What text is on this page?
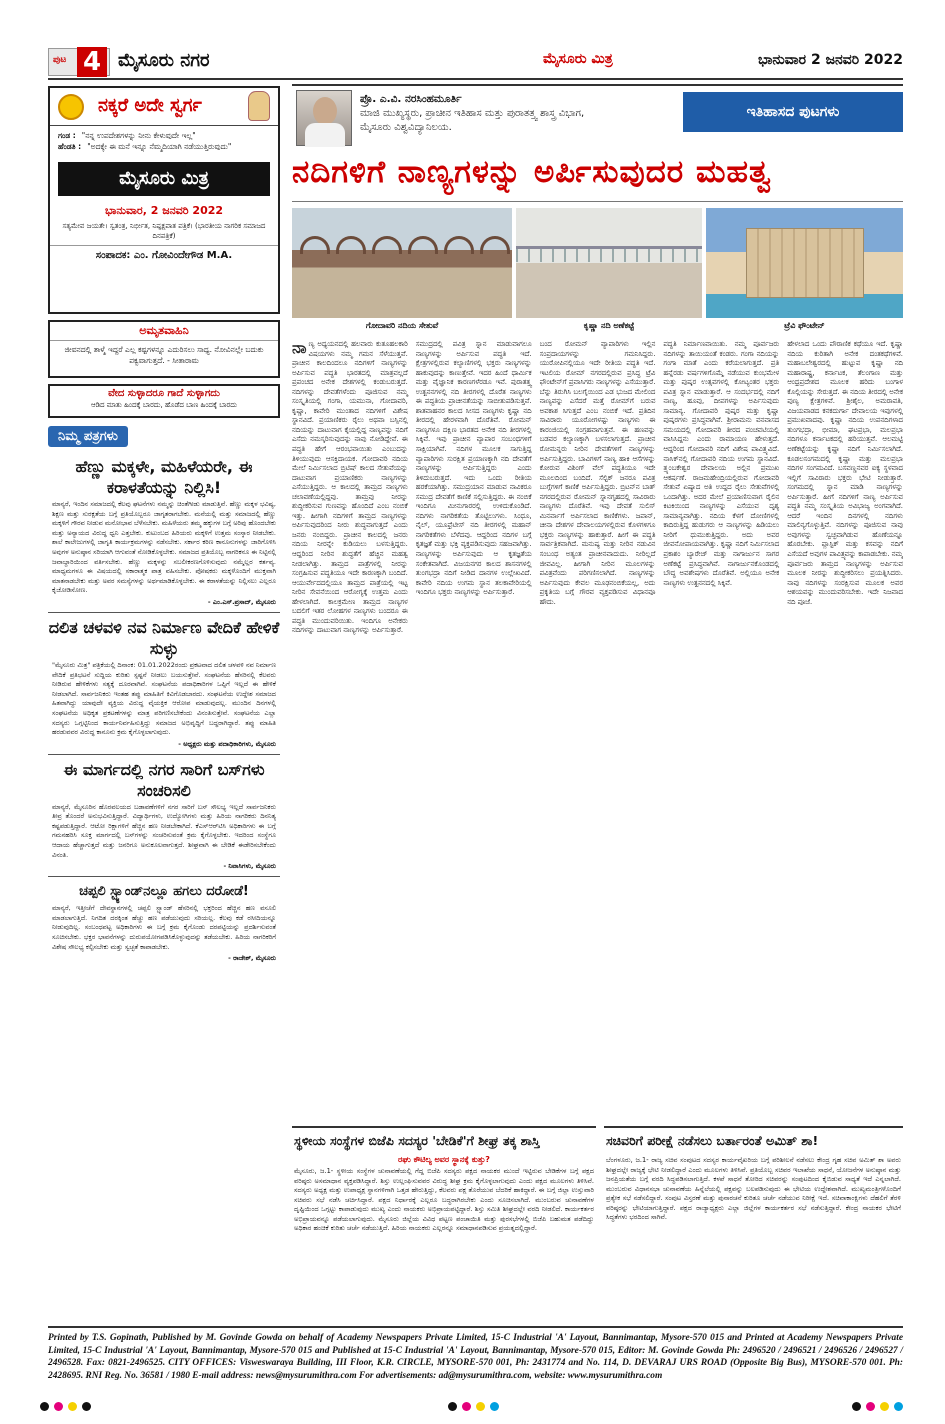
ಪುಟ 4 ಮೈಸೂರು ನಗರ	ಮೈಸೂರು ಮಿತ್ರ	ಭಾನುವಾರ 2 ಜನವರಿ 2022
ನಕ್ಕರೆ ಅದೇ ಸ್ವರ್ಗ
ಗಂಡ : "ನನ್ನ ಉಪದೇಶಗಳನ್ನು ನೀನು ಕೇಳುವುದೇ ಇಲ್ಲ"
ಹೆಂಡತಿ : "ಅದಕ್ಕೇ ಈ ಮನೆ ಇನ್ನೂ ನೆಮ್ಮದಿಯಾಗಿ ನಡೆಯುತ್ತಿರುವುದು"
ಮೈಸೂರು ಮಿತ್ರ
ಭಾನುವಾರ, 2 ಜನವರಿ 2022
ಸತ್ಯಮೇವ ಜಯತೇ। ಸ್ವತಂತ್ರ, ನಿರ್ಭೀತ, ನಿಷ್ಪಕ್ಷಪಾತ ಪತ್ರಿಕೆ। (ಭಾರತೀಯ ನಾಗರಿಕ ಸಮಾಜದ ದಿನಪತ್ರಿಕೆ)
ಸಂಪಾದಕ: ಎಂ. ಗೋವಿಂದೇಗೌಡ M.A.
ಅಮೃತವಾಹಿನಿ
ಜೀವನದಲ್ಲಿ ತಾಳ್ಮೆ ಇದ್ದರೆ ಎಲ್ಲ ಕಷ್ಟಗಳನ್ನೂ ಎದುರಿಸಲು ಸಾಧ್ಯ. ನೋವಿನಲ್ಲೇ ಬದುಕು ಪಕ್ವವಾಗುತ್ತದೆ. - ಸೀತಾರಾಮ
ವೇದ ಸುಳ್ಳಾದರೂ ಗಾದೆ ಸುಳ್ಳಾಗದು
ಆಡಿದ ಮಾತು ಹಿಂದಕ್ಕೆ ಬಾರದು, ಹೊಡೆದ ಬಾಣ ಹಿಂದಕ್ಕೆ ಬಾರದು
ನಿಮ್ಮ ಪತ್ರಗಳು
ಹೆಣ್ಣು ಮಕ್ಕಳೇ, ಮಹಿಳೆಯರೇ, ಈ ಕರಾಳತೆಯನ್ನು ನಿಲ್ಲಿಸಿ!
ಮಾನ್ಯರೆ, ಇಂದಿನ ಸಮಾಜದಲ್ಲಿ ಕೆಲವು ಘಟನೆಗಳು ನಮ್ಮನ್ನು ಚಿಂತೆಗೀಡು ಮಾಡುತ್ತಿವೆ. ಹೆಣ್ಣು ಮಕ್ಕಳ ಭವಿಷ್ಯ, ಶಿಕ್ಷಣ ಮತ್ತು ಸುರಕ್ಷತೆಯ ಬಗ್ಗೆ ಪ್ರತಿಯೊಬ್ಬರೂ ಜಾಗೃತರಾಗಬೇಕು. ಮನೆಯಲ್ಲಿ ಮತ್ತು ಸಮಾಜದಲ್ಲಿ ಹೆಣ್ಣು ಮಕ್ಕಳಿಗೆ ಗೌರವ ನೀಡುವ ಮನೋಭಾವ ಬೆಳೆಸಬೇಕು. ಮಹಿಳೆಯರು ತಮ್ಮ ಹಕ್ಕುಗಳ ಬಗ್ಗೆ ಅರಿವು ಹೊಂದಬೇಕು ಮತ್ತು ಅನ್ಯಾಯದ ವಿರುದ್ಧ ಧ್ವನಿ ಎತ್ತಬೇಕು. ಕುಟುಂಬದ ಹಿರಿಯರು ಮಕ್ಕಳಿಗೆ ಉತ್ತಮ ಸಂಸ್ಕಾರ ನೀಡಬೇಕು. ಶಾಲೆ ಕಾಲೇಜುಗಳಲ್ಲಿ ಜಾಗೃತಿ ಕಾರ್ಯಕ್ರಮಗಳನ್ನು ನಡೆಸಬೇಕು. ಸರ್ಕಾರ ಕಠಿಣ ಕಾನೂನುಗಳನ್ನು ಜಾರಿಗೊಳಿಸಿ ಅವುಗಳ ಅನುಷ್ಠಾನ ಸರಿಯಾಗಿ ಆಗುವಂತೆ ನೋಡಿಕೊಳ್ಳಬೇಕು. ಸಮಾಜದ ಪ್ರತಿಯೊಬ್ಬ ನಾಗರಿಕನೂ ಈ ನಿಟ್ಟಿನಲ್ಲಿ ಜವಾಬ್ದಾರಿಯಿಂದ ವರ್ತಿಸಬೇಕು. ಹೆಣ್ಣು ಮಕ್ಕಳನ್ನು ಸಬಲೀಕರಣಗೊಳಿಸುವುದು ನಮ್ಮೆಲ್ಲರ ಕರ್ತವ್ಯ. ಮಾಧ್ಯಮಗಳೂ ಈ ವಿಷಯದಲ್ಲಿ ಸಕಾರಾತ್ಮಕ ಪಾತ್ರ ವಹಿಸಬೇಕು. ಪೋಷಕರು ಮಕ್ಕಳೊಂದಿಗೆ ಮುಕ್ತವಾಗಿ ಮಾತನಾಡಬೇಕು ಮತ್ತು ಅವರ ಸಮಸ್ಯೆಗಳನ್ನು ಅರ್ಥಮಾಡಿಕೊಳ್ಳಬೇಕು. ಈ ಕರಾಳತೆಯನ್ನು ನಿಲ್ಲಿಸಲು ಎಲ್ಲರೂ ಕೈಜೋಡಿಸೋಣ.
- ಎಂ.ಎಸ್.ಪ್ರಸಾದ್, ಮೈಸೂರು
ದಲಿತ ಚಳವಳಿ ನವ ನಿರ್ಮಾಣ ವೇದಿಕೆ ಹೇಳಿಕೆ ಸುಳ್ಳು
"ಮೈಸೂರು ಮಿತ್ರ" ಪತ್ರಿಕೆಯಲ್ಲಿ ದಿನಾಂಕ: 01.01.2022ರಂದು ಪ್ರಕಟವಾದ ದಲಿತ ಚಳವಳಿ ನವ ನಿರ್ಮಾಣ ವೇದಿಕೆ ಪ್ರತಿಭಟನೆ ಸುದ್ದಿಯ ಕುರಿತು ಸ್ಪಷ್ಟನೆ ನೀಡಲು ಬಯಸುತ್ತೇವೆ. ಸಂಘಟನೆಯ ಹೆಸರಿನಲ್ಲಿ ಕೆಲವರು ನೀಡಿರುವ ಹೇಳಿಕೆಗಳು ಸತ್ಯಕ್ಕೆ ದೂರವಾಗಿವೆ. ಸಂಘಟನೆಯ ಪದಾಧಿಕಾರಿಗಳ ಒಪ್ಪಿಗೆ ಇಲ್ಲದೆ ಈ ಹೇಳಿಕೆ ನೀಡಲಾಗಿದೆ. ಸಾರ್ವಜನಿಕರು ಇಂತಹ ತಪ್ಪು ಮಾಹಿತಿಗೆ ಕಿವಿಗೊಡಬಾರದು. ಸಂಘಟನೆಯ ಉದ್ದೇಶ ಸಮಾಜದ ಹಿತವಾಗಿದ್ದು ಯಾವುದೇ ವ್ಯಕ್ತಿಯ ವಿರುದ್ಧ ವೈಯಕ್ತಿಕ ಆರೋಪ ಮಾಡುವುದಲ್ಲ. ಮುಂದಿನ ದಿನಗಳಲ್ಲಿ ಸಂಘಟನೆಯ ಅಧಿಕೃತ ಪ್ರಕಟಣೆಗಳನ್ನು ಮಾತ್ರ ಪರಿಗಣಿಸಬೇಕೆಂದು ವಿನಂತಿಸುತ್ತೇವೆ. ಸಂಘಟನೆಯ ಎಲ್ಲಾ ಸದಸ್ಯರು ಒಗ್ಗಟ್ಟಿನಿಂದ ಕಾರ್ಯನಿರ್ವಹಿಸುತ್ತಿದ್ದು ಸಮಾಜದ ಅಭಿವೃದ್ಧಿಗೆ ಬದ್ಧರಾಗಿದ್ದಾರೆ. ತಪ್ಪು ಮಾಹಿತಿ ಹರಡುವವರ ವಿರುದ್ಧ ಕಾನೂನು ಕ್ರಮ ಕೈಗೊಳ್ಳಲಾಗುವುದು.
- ಅಧ್ಯಕ್ಷರು ಮತ್ತು ಪದಾಧಿಕಾರಿಗಳು, ಮೈಸೂರು
ಈ ಮಾರ್ಗದಲ್ಲಿ ನಗರ ಸಾರಿಗೆ ಬಸ್‌ಗಳು ಸಂಚರಿಸಲಿ
ಮಾನ್ಯರೆ, ಮೈಸೂರಿನ ಹೊರವಲಯದ ಬಡಾವಣೆಗಳಿಗೆ ನಗರ ಸಾರಿಗೆ ಬಸ್ ಸೌಲಭ್ಯ ಇಲ್ಲದೆ ಸಾರ್ವಜನಿಕರು ತೀವ್ರ ತೊಂದರೆ ಅನುಭವಿಸುತ್ತಿದ್ದಾರೆ. ವಿದ್ಯಾರ್ಥಿಗಳು, ಉದ್ಯೋಗಿಗಳು ಮತ್ತು ಹಿರಿಯ ನಾಗರಿಕರು ದಿನನಿತ್ಯ ಕಷ್ಟಪಡುತ್ತಿದ್ದಾರೆ. ಆಟೋ ರಿಕ್ಷಾಗಳಿಗೆ ಹೆಚ್ಚಿನ ಹಣ ನೀಡಬೇಕಾಗಿದೆ. ಕೆಎಸ್ಆರ್‌ಟಿಸಿ ಅಧಿಕಾರಿಗಳು ಈ ಬಗ್ಗೆ ಗಮನಹರಿಸಿ ಸೂಕ್ತ ಮಾರ್ಗದಲ್ಲಿ ಬಸ್‌ಗಳನ್ನು ಸಂಚರಿಸುವಂತೆ ಕ್ರಮ ಕೈಗೊಳ್ಳಬೇಕು. ಇದರಿಂದ ಸಂಸ್ಥೆಗೂ ಆದಾಯ ಹೆಚ್ಚಾಗುತ್ತದೆ ಮತ್ತು ಜನರಿಗೂ ಅನುಕೂಲವಾಗುತ್ತದೆ. ಶೀಘ್ರವಾಗಿ ಈ ಬೇಡಿಕೆ ಈಡೇರಿಸಬೇಕೆಂದು ವಿನಂತಿ.
- ನಿವಾಸಿಗಳು, ಮೈಸೂರು
ಚಪ್ಪಲಿ ಸ್ಟ್ಯಾಂಡ್‌ನಲ್ಲೂ ಹಗಲು ದರೋಡೆ!
ಮಾನ್ಯರೆ, ಇತ್ತೀಚೆಗೆ ದೇವಸ್ಥಾನಗಳಲ್ಲಿ ಚಪ್ಪಲಿ ಸ್ಟ್ಯಾಂಡ್ ಹೆಸರಿನಲ್ಲಿ ಭಕ್ತರಿಂದ ಹೆಚ್ಚಿನ ಹಣ ವಸೂಲಿ ಮಾಡಲಾಗುತ್ತಿದೆ. ನಿಗದಿತ ದರಕ್ಕಿಂತ ಹೆಚ್ಚು ಹಣ ಪಡೆಯುವುದು ಸರಿಯಲ್ಲ. ಕೆಲವು ಕಡೆ ರಸೀದಿಯನ್ನೂ ನೀಡುವುದಿಲ್ಲ. ಸಂಬಂಧಪಟ್ಟ ಅಧಿಕಾರಿಗಳು ಈ ಬಗ್ಗೆ ಕ್ರಮ ಕೈಗೊಂಡು ದರಪಟ್ಟಿಯನ್ನು ಪ್ರದರ್ಶಿಸುವಂತೆ ಸೂಚಿಸಬೇಕು. ಭಕ್ತರ ಭಾವನೆಗಳನ್ನು ದುರುಪಯೋಗಪಡಿಸಿಕೊಳ್ಳುವುದನ್ನು ತಡೆಯಬೇಕು. ಹಿರಿಯ ನಾಗರಿಕರಿಗೆ ವಿಶೇಷ ಸೌಲಭ್ಯ ಕಲ್ಪಿಸಬೇಕು ಮತ್ತು ಸ್ವಚ್ಛತೆ ಕಾಪಾಡಬೇಕು.
- ರಾಜೇಶ್, ಮೈಸೂರು
ಪ್ರೊ. ಎ.ವಿ. ನರಸಿಂಹಮೂರ್ತಿ
ಮಾಜಿ ಮುಖ್ಯಸ್ಥರು, ಪ್ರಾಚೀನ ಇತಿಹಾಸ ಮತ್ತು ಪುರಾತತ್ತ್ವ ಶಾಸ್ತ್ರ ವಿಭಾಗ,
ಮೈಸೂರು ವಿಶ್ವವಿದ್ಯಾನಿಲಯ.
ಇತಿಹಾಸದ ಪುಟಗಳು
ನದಿಗಳಿಗೆ ನಾಣ್ಯಗಳನ್ನು ಅರ್ಪಿಸುವುದರ ಮಹತ್ವ
ಗೋದಾವರಿ ನದಿಯ ಸೇತುವೆ	ಕೃಷ್ಣಾ ನದಿ ಅಣೆಕಟ್ಟೆ	ಟ್ರೆವಿ ಫೌಂಟೇನ್
ನಾಣ್ಯ ಅಧ್ಯಯನದಲ್ಲಿ ಹಲವಾರು ಕುತೂಹಲಕಾರಿ ವಿಷಯಗಳು ನಮ್ಮ ಗಮನ ಸೆಳೆಯುತ್ತವೆ. ಪ್ರಾಚೀನ ಕಾಲದಿಂದಲೂ ನದಿಗಳಿಗೆ ನಾಣ್ಯಗಳನ್ನು ಅರ್ಪಿಸುವ ಪದ್ಧತಿ ಭಾರತದಲ್ಲಿ ಮಾತ್ರವಲ್ಲದೆ ಪ್ರಪಂಚದ ಅನೇಕ ದೇಶಗಳಲ್ಲಿ ಕಂಡುಬರುತ್ತದೆ. ನದಿಗಳನ್ನು ದೇವತೆಗಳೆಂದು ಪೂಜಿಸುವ ನಮ್ಮ ಸಂಸ್ಕೃತಿಯಲ್ಲಿ ಗಂಗಾ, ಯಮುನಾ, ಗೋದಾವರಿ, ಕೃಷ್ಣಾ, ಕಾವೇರಿ ಮುಂತಾದ ನದಿಗಳಿಗೆ ವಿಶೇಷ ಸ್ಥಾನವಿದೆ. ಪ್ರಯಾಣಿಕರು ರೈಲು ಅಥವಾ ಬಸ್ಸಿನಲ್ಲಿ ನದಿಯನ್ನು ದಾಟುವಾಗ ಕೈಯಲ್ಲಿದ್ದ ನಾಣ್ಯವನ್ನು ನದಿಗೆ ಎಸೆದು ನಮಸ್ಕರಿಸುವುದನ್ನು ನಾವು ನೋಡಿದ್ದೇವೆ. ಈ ಪದ್ಧತಿ ಹೇಗೆ ಆರಂಭವಾಯಿತು ಎಂಬುದನ್ನು ತಿಳಿಯುವುದು ಆಸಕ್ತಿದಾಯಕ. ಗೋದಾವರಿ ನದಿಯ ಮೇಲೆ ನಿರ್ಮಿಸಲಾದ ಬ್ರಿಟಿಷ್ ಕಾಲದ ಸೇತುವೆಯನ್ನು ದಾಟುವಾಗ ಪ್ರಯಾಣಿಕರು ನಾಣ್ಯಗಳನ್ನು ಎಸೆಯುತ್ತಿದ್ದರು. ಆ ಕಾಲದಲ್ಲಿ ತಾಮ್ರದ ನಾಣ್ಯಗಳು ಚಲಾವಣೆಯಲ್ಲಿದ್ದವು. ತಾಮ್ರವು ನೀರನ್ನು ಶುದ್ಧೀಕರಿಸುವ ಗುಣವನ್ನು ಹೊಂದಿದೆ ಎಂಬ ನಂಬಿಕೆ ಇತ್ತು. ಹೀಗಾಗಿ ನದಿಗಳಿಗೆ ತಾಮ್ರದ ನಾಣ್ಯಗಳನ್ನು ಅರ್ಪಿಸುವುದರಿಂದ ನೀರು ಶುದ್ಧವಾಗುತ್ತದೆ ಎಂದು ಜನರು ನಂಬಿದ್ದರು. ಪ್ರಾಚೀನ ಕಾಲದಲ್ಲಿ ಜನರು ನದಿಯ ನೀರನ್ನೇ ಕುಡಿಯಲು ಬಳಸುತ್ತಿದ್ದರು. ಆದ್ದರಿಂದ ನೀರಿನ ಶುದ್ಧತೆಗೆ ಹೆಚ್ಚಿನ ಮಹತ್ವ ನೀಡಲಾಗಿತ್ತು. ತಾಮ್ರದ ಪಾತ್ರೆಗಳಲ್ಲಿ ನೀರನ್ನು ಸಂಗ್ರಹಿಸುವ ಪದ್ಧತಿಯೂ ಇದೇ ಕಾರಣಕ್ಕಾಗಿ ಬಂದಿದೆ. ಆಯುರ್ವೇದದಲ್ಲಿಯೂ ತಾಮ್ರದ ಪಾತ್ರೆಯಲ್ಲಿ ಇಟ್ಟ ನೀರಿನ ಸೇವನೆಯಿಂದ ಆರೋಗ್ಯಕ್ಕೆ ಉತ್ತಮ ಎಂದು ಹೇಳಲಾಗಿದೆ. ಕಾಲಕ್ರಮೇಣ ತಾಮ್ರದ ನಾಣ್ಯಗಳ ಬದಲಿಗೆ ಇತರ ಲೋಹಗಳ ನಾಣ್ಯಗಳು ಬಂದರೂ ಈ ಪದ್ಧತಿ ಮುಂದುವರಿಯಿತು. ಇಂದಿಗೂ ಅನೇಕರು ನದಿಗಳನ್ನು ದಾಟುವಾಗ ನಾಣ್ಯಗಳನ್ನು ಅರ್ಪಿಸುತ್ತಾರೆ.
ಸಮುದ್ರದಲ್ಲಿ ಪವಿತ್ರ ಸ್ನಾನ ಮಾಡುವಾಗಲೂ ನಾಣ್ಯಗಳನ್ನು ಅರ್ಪಿಸುವ ಪದ್ಧತಿ ಇದೆ. ಕ್ಷೇತ್ರಗಳಲ್ಲಿರುವ ಕಲ್ಯಾಣಿಗಳಲ್ಲಿ ಭಕ್ತರು ನಾಣ್ಯಗಳನ್ನು ಹಾಕುವುದನ್ನು ಕಾಣುತ್ತೇವೆ. ಇದರ ಹಿಂದೆ ಧಾರ್ಮಿಕ ಮತ್ತು ವೈಜ್ಞಾನಿಕ ಕಾರಣಗಳೆರಡೂ ಇವೆ. ಪುರಾತತ್ತ್ವ ಉತ್ಖನನಗಳಲ್ಲಿ ನದಿ ತೀರಗಳಲ್ಲಿ ದೊರೆತ ನಾಣ್ಯಗಳು ಈ ಪದ್ಧತಿಯ ಪ್ರಾಚೀನತೆಯನ್ನು ಸಾಬೀತುಪಡಿಸುತ್ತವೆ. ಶಾತವಾಹನರ ಕಾಲದ ಸೀಸದ ನಾಣ್ಯಗಳು ಕೃಷ್ಣಾ ನದಿ ತೀರದಲ್ಲಿ ಹೇರಳವಾಗಿ ದೊರೆತಿವೆ. ರೋಮನ್ ನಾಣ್ಯಗಳೂ ದಕ್ಷಿಣ ಭಾರತದ ಅನೇಕ ನದಿ ತೀರಗಳಲ್ಲಿ ಸಿಕ್ಕಿವೆ. ಇವು ಪ್ರಾಚೀನ ವ್ಯಾಪಾರ ಸಂಬಂಧಗಳಿಗೆ ಸಾಕ್ಷಿಯಾಗಿವೆ. ನದಿಗಳ ಮೂಲಕ ಸಾಗುತ್ತಿದ್ದ ವ್ಯಾಪಾರಿಗಳು ಸುರಕ್ಷಿತ ಪ್ರಯಾಣಕ್ಕಾಗಿ ನದಿ ದೇವತೆಗೆ ನಾಣ್ಯಗಳನ್ನು ಅರ್ಪಿಸುತ್ತಿದ್ದರು ಎಂದು ತಿಳಿದುಬರುತ್ತದೆ. ಇದು ಒಂದು ರೀತಿಯ ಹರಕೆಯಾಗಿತ್ತು. ಸಮುದ್ರಯಾನ ಮಾಡುವ ನಾವಿಕರೂ ಸಮುದ್ರ ದೇವತೆಗೆ ಕಾಣಿಕೆ ಸಲ್ಲಿಸುತ್ತಿದ್ದರು. ಈ ನಂಬಿಕೆ ಇಂದಿಗೂ ಮೀನುಗಾರರಲ್ಲಿ ಉಳಿದುಕೊಂಡಿದೆ. ನದಿಗಳು ನಾಗರಿಕತೆಯ ತೊಟ್ಟಿಲುಗಳು. ಸಿಂಧೂ, ನೈಲ್, ಯೂಫ್ರೆಟೀಸ್ ನದಿ ತೀರಗಳಲ್ಲಿ ಮಹಾನ್ ನಾಗರಿಕತೆಗಳು ಬೆಳೆದವು. ಆದ್ದರಿಂದ ನದಿಗಳ ಬಗ್ಗೆ ಕೃತಜ್ಞತೆ ಮತ್ತು ಭಕ್ತಿ ವ್ಯಕ್ತಪಡಿಸುವುದು ಸಹಜವಾಗಿತ್ತು. ನಾಣ್ಯಗಳನ್ನು ಅರ್ಪಿಸುವುದು ಆ ಕೃತಜ್ಞತೆಯ ಸಂಕೇತವಾಗಿದೆ. ವಿಜಯನಗರ ಕಾಲದ ಶಾಸನಗಳಲ್ಲಿ ತುಂಗಭದ್ರಾ ನದಿಗೆ ನೀಡಿದ ದಾನಗಳ ಉಲ್ಲೇಖವಿದೆ. ಕಾವೇರಿ ನದಿಯ ಉಗಮ ಸ್ಥಾನ ತಲಕಾವೇರಿಯಲ್ಲಿ ಇಂದಿಗೂ ಭಕ್ತರು ನಾಣ್ಯಗಳನ್ನು ಅರ್ಪಿಸುತ್ತಾರೆ.
ಬಂದ ರೋಮನ್ ವ್ಯಾಪಾರಿಗಳು ಇಲ್ಲಿನ ಸಂಪ್ರದಾಯಗಳನ್ನು ಗಮನಿಸಿದ್ದರು. ಯುರೋಪಿನಲ್ಲಿಯೂ ಇದೇ ರೀತಿಯ ಪದ್ಧತಿ ಇದೆ. ಇಟಲಿಯ ರೋಮ್ ನಗರದಲ್ಲಿರುವ ಪ್ರಸಿದ್ಧ ಟ್ರೆವಿ ಫೌಂಟೇನ್‌ಗೆ ಪ್ರವಾಸಿಗರು ನಾಣ್ಯಗಳನ್ನು ಎಸೆಯುತ್ತಾರೆ. ಬೆನ್ನು ತಿರುಗಿಸಿ ಬಲಗೈಯಿಂದ ಎಡ ಭುಜದ ಮೇಲಿಂದ ನಾಣ್ಯವನ್ನು ಎಸೆದರೆ ಮತ್ತೆ ರೋಮ್‌ಗೆ ಬರುವ ಅವಕಾಶ ಸಿಗುತ್ತದೆ ಎಂಬ ನಂಬಿಕೆ ಇದೆ. ಪ್ರತಿದಿನ ಸಾವಿರಾರು ಯೂರೋಗಳಷ್ಟು ನಾಣ್ಯಗಳು ಈ ಕಾರಂಜಿಯಲ್ಲಿ ಸಂಗ್ರಹವಾಗುತ್ತವೆ. ಈ ಹಣವನ್ನು ಬಡವರ ಕಲ್ಯಾಣಕ್ಕಾಗಿ ಬಳಸಲಾಗುತ್ತದೆ. ಪ್ರಾಚೀನ ರೋಮನ್ನರು ನೀರಿನ ದೇವತೆಗಳಿಗೆ ನಾಣ್ಯಗಳನ್ನು ಅರ್ಪಿಸುತ್ತಿದ್ದರು. ಬಾವಿಗಳಿಗೆ ನಾಣ್ಯ ಹಾಕಿ ಆಸೆಗಳನ್ನು ಕೋರುವ ವಿಶಿಂಗ್ ವೆಲ್ ಪದ್ಧತಿಯೂ ಇದೇ ಮೂಲದಿಂದ ಬಂದಿದೆ. ಸೆಲ್ಟಿಕ್ ಜನರೂ ಪವಿತ್ರ ಬುಗ್ಗೆಗಳಿಗೆ ಕಾಣಿಕೆ ಅರ್ಪಿಸುತ್ತಿದ್ದರು. ಬ್ರಿಟನ್‌ನ ಬಾತ್ ನಗರದಲ್ಲಿರುವ ರೋಮನ್ ಸ್ನಾನಗೃಹದಲ್ಲಿ ಸಾವಿರಾರು ನಾಣ್ಯಗಳು ದೊರೆತಿವೆ. ಇವು ದೇವತೆ ಸುಲಿಸ್ ಮಿನರ್ವಾಗೆ ಅರ್ಪಿಸಲಾದ ಕಾಣಿಕೆಗಳು. ಜಪಾನ್, ಚೀನಾ ದೇಶಗಳ ದೇವಾಲಯಗಳಲ್ಲಿರುವ ಕೊಳಗಳಿಗೂ ಭಕ್ತರು ನಾಣ್ಯಗಳನ್ನು ಹಾಕುತ್ತಾರೆ. ಹೀಗೆ ಈ ಪದ್ಧತಿ ಸಾರ್ವತ್ರಿಕವಾಗಿದೆ. ಮನುಷ್ಯ ಮತ್ತು ನೀರಿನ ನಡುವಿನ ಸಂಬಂಧ ಅತ್ಯಂತ ಪ್ರಾಚೀನವಾದುದು. ನೀರಿಲ್ಲದೆ ಜೀವವಿಲ್ಲ. ಹೀಗಾಗಿ ನೀರಿನ ಮೂಲಗಳನ್ನು ಪವಿತ್ರವೆಂದು ಪರಿಗಣಿಸಲಾಗಿದೆ. ನಾಣ್ಯಗಳನ್ನು ಅರ್ಪಿಸುವುದು ಕೇವಲ ಮೂಢನಂಬಿಕೆಯಲ್ಲ, ಅದು ಪ್ರಕೃತಿಯ ಬಗ್ಗೆ ಗೌರವ ವ್ಯಕ್ತಪಡಿಸುವ ವಿಧಾನವೂ ಹೌದು.
ಪದ್ಧತಿ ನಿರ್ಮಾಣವಾಯಿತು. ನಮ್ಮ ಪೂರ್ವಜರು ನದಿಗಳನ್ನು ತಾಯಿಯಂತೆ ಕಂಡರು. ಗಂಗಾ ನದಿಯನ್ನು ಗಂಗಾ ಮಾತೆ ಎಂದು ಕರೆಯಲಾಗುತ್ತದೆ. ಪ್ರತಿ ಹನ್ನೆರಡು ವರ್ಷಗಳಿಗೊಮ್ಮೆ ನಡೆಯುವ ಕುಂಭಮೇಳ ಮತ್ತು ಪುಷ್ಕರ ಉತ್ಸವಗಳಲ್ಲಿ ಕೋಟ್ಯಂತರ ಭಕ್ತರು ಪವಿತ್ರ ಸ್ನಾನ ಮಾಡುತ್ತಾರೆ. ಆ ಸಂದರ್ಭದಲ್ಲಿ ನದಿಗೆ ನಾಣ್ಯ, ಹೂವು, ದೀಪಗಳನ್ನು ಅರ್ಪಿಸುವುದು ಸಾಮಾನ್ಯ. ಗೋದಾವರಿ ಪುಷ್ಕರ ಮತ್ತು ಕೃಷ್ಣಾ ಪುಷ್ಕರಗಳು ಪ್ರಸಿದ್ಧವಾಗಿವೆ. ಶ್ರೀರಾಮನು ವನವಾಸದ ಸಮಯದಲ್ಲಿ ಗೋದಾವರಿ ತೀರದ ಪಂಚವಟಿಯಲ್ಲಿ ವಾಸಿಸಿದ್ದನು ಎಂದು ರಾಮಾಯಣ ಹೇಳುತ್ತದೆ. ಆದ್ದರಿಂದ ಗೋದಾವರಿ ನದಿಗೆ ವಿಶೇಷ ಪಾವಿತ್ರ್ಯವಿದೆ. ನಾಸಿಕ್‌ನಲ್ಲಿ ಗೋದಾವರಿ ನದಿಯ ಉಗಮ ಸ್ಥಾನವಿದೆ. ತ್ರ್ಯಂಬಕೇಶ್ವರ ದೇವಾಲಯ ಅಲ್ಲಿನ ಪ್ರಮುಖ ಆಕರ್ಷಣೆ. ರಾಜಮಹೇಂದ್ರಿಯಲ್ಲಿರುವ ಗೋದಾವರಿ ಸೇತುವೆ ಏಷ್ಯಾದ ಅತಿ ಉದ್ದದ ರೈಲು ಸೇತುವೆಗಳಲ್ಲಿ ಒಂದಾಗಿತ್ತು. ಅದರ ಮೇಲೆ ಪ್ರಯಾಣಿಸುವಾಗ ರೈಲಿನ ಕಿಟಕಿಯಿಂದ ನಾಣ್ಯಗಳನ್ನು ಎಸೆಯುವ ದೃಶ್ಯ ಸಾಮಾನ್ಯವಾಗಿತ್ತು. ನದಿಯ ಕೆಳಗೆ ದೋಣಿಗಳಲ್ಲಿ ಕಾದಿರುತ್ತಿದ್ದ ಹುಡುಗರು ಆ ನಾಣ್ಯಗಳನ್ನು ಹಿಡಿಯಲು ನೀರಿಗೆ ಧುಮುಕುತ್ತಿದ್ದರು. ಅದು ಅವರ ಜೀವನೋಪಾಯವಾಗಿತ್ತು. ಕೃಷ್ಣಾ ನದಿಗೆ ನಿರ್ಮಿಸಲಾದ ಪ್ರಕಾಶಂ ಬ್ಯಾರೇಜ್ ಮತ್ತು ನಾಗಾರ್ಜುನ ಸಾಗರ ಅಣೆಕಟ್ಟೆ ಪ್ರಸಿದ್ಧವಾಗಿವೆ. ನಾಗಾರ್ಜುನಕೊಂಡದಲ್ಲಿ ಬೌದ್ಧ ಅವಶೇಷಗಳು ದೊರೆತಿವೆ. ಅಲ್ಲಿಯೂ ಅನೇಕ ನಾಣ್ಯಗಳು ಉತ್ಖನನದಲ್ಲಿ ಸಿಕ್ಕಿವೆ.
ಹೇಳಲಾದ ಒಂದು ಪೌರಾಣಿಕ ಕಥೆಯೂ ಇದೆ. ಕೃಷ್ಣಾ ನದಿಯ ಕುರಿತಾಗಿ ಅನೇಕ ದಂತಕಥೆಗಳಿವೆ. ಮಹಾಬಲೇಶ್ವರದಲ್ಲಿ ಹುಟ್ಟುವ ಕೃಷ್ಣಾ ನದಿ ಮಹಾರಾಷ್ಟ್ರ, ಕರ್ನಾಟಕ, ತೆಲಂಗಾಣ ಮತ್ತು ಆಂಧ್ರಪ್ರದೇಶದ ಮೂಲಕ ಹರಿದು ಬಂಗಾಳ ಕೊಲ್ಲಿಯನ್ನು ಸೇರುತ್ತದೆ. ಈ ನದಿಯ ತೀರದಲ್ಲಿ ಅನೇಕ ಪುಣ್ಯ ಕ್ಷೇತ್ರಗಳಿವೆ. ಶ್ರೀಶೈಲ, ಅಮರಾವತಿ, ವಿಜಯವಾಡದ ಕನಕದುರ್ಗಾ ದೇವಾಲಯ ಇವುಗಳಲ್ಲಿ ಪ್ರಮುಖವಾದವು. ಕೃಷ್ಣಾ ನದಿಯ ಉಪನದಿಗಳಾದ ತುಂಗಭದ್ರಾ, ಭೀಮಾ, ಘಟಪ್ರಭಾ, ಮಲಪ್ರಭಾ ನದಿಗಳೂ ಕರ್ನಾಟಕದಲ್ಲಿ ಹರಿಯುತ್ತವೆ. ಆಲಮಟ್ಟಿ ಅಣೆಕಟ್ಟೆಯನ್ನು ಕೃಷ್ಣಾ ನದಿಗೆ ನಿರ್ಮಿಸಲಾಗಿದೆ. ಕೂಡಲಸಂಗಮದಲ್ಲಿ ಕೃಷ್ಣಾ ಮತ್ತು ಮಲಪ್ರಭಾ ನದಿಗಳ ಸಂಗಮವಿದೆ. ಬಸವಣ್ಣನವರ ಐಕ್ಯ ಸ್ಥಳವಾದ ಇಲ್ಲಿಗೆ ಸಾವಿರಾರು ಭಕ್ತರು ಭೇಟಿ ನೀಡುತ್ತಾರೆ. ಸಂಗಮದಲ್ಲಿ ಸ್ನಾನ ಮಾಡಿ ನಾಣ್ಯಗಳನ್ನು ಅರ್ಪಿಸುತ್ತಾರೆ. ಹೀಗೆ ನದಿಗಳಿಗೆ ನಾಣ್ಯ ಅರ್ಪಿಸುವ ಪದ್ಧತಿ ನಮ್ಮ ಸಂಸ್ಕೃತಿಯ ಅವಿಭಾಜ್ಯ ಅಂಗವಾಗಿದೆ. ಆದರೆ ಇಂದಿನ ದಿನಗಳಲ್ಲಿ ನದಿಗಳು ಮಾಲಿನ್ಯಗೊಳ್ಳುತ್ತಿವೆ. ನದಿಗಳನ್ನು ಪೂಜಿಸುವ ನಾವು ಅವುಗಳನ್ನು ಸ್ವಚ್ಛವಾಗಿಡುವ ಹೊಣೆಯನ್ನೂ ಹೊರಬೇಕು. ಪ್ಲಾಸ್ಟಿಕ್ ಮತ್ತು ಕಸವನ್ನು ನದಿಗೆ ಎಸೆಯದೆ ಅವುಗಳ ಪಾವಿತ್ರ್ಯವನ್ನು ಕಾಪಾಡಬೇಕು. ನಮ್ಮ ಪೂರ್ವಜರು ತಾಮ್ರದ ನಾಣ್ಯಗಳನ್ನು ಅರ್ಪಿಸುವ ಮೂಲಕ ನೀರನ್ನು ಶುದ್ಧೀಕರಿಸಲು ಪ್ರಯತ್ನಿಸಿದರು. ನಾವು ನದಿಗಳನ್ನು ಸಂರಕ್ಷಿಸುವ ಮೂಲಕ ಅವರ ಆಶಯವನ್ನು ಮುಂದುವರಿಸಬೇಕು. ಇದೇ ನಿಜವಾದ ನದಿ ಪೂಜೆ.
ಸ್ಥಳೀಯ ಸಂಸ್ಥೆಗಳ ಬಿಜೆಪಿ ಸದಸ್ಯರ 'ಬೇಡಿಕೆ'ಗೆ ಶೀಘ್ರ ತಕ್ಕ ಶಾಸ್ತಿ
ರಘು ಕೌಟಿಲ್ಯ ಅವರ ಸ್ಥಾನಕ್ಕೆ ಕುತ್ತು?
ಮೈಸೂರು, ಜ.1- ಸ್ಥಳೀಯ ಸಂಸ್ಥೆಗಳ ಚುನಾವಣೆಯಲ್ಲಿ ಗೆದ್ದ ಬಿಜೆಪಿ ಸದಸ್ಯರು ಪಕ್ಷದ ನಾಯಕರ ಮುಂದೆ ಇಟ್ಟಿರುವ ಬೇಡಿಕೆಗಳ ಬಗ್ಗೆ ಪಕ್ಷದ ವರಿಷ್ಠರು ಅಸಮಾಧಾನ ವ್ಯಕ್ತಪಡಿಸಿದ್ದಾರೆ. ಶಿಸ್ತು ಉಲ್ಲಂಘಿಸುವವರ ವಿರುದ್ಧ ಶೀಘ್ರ ಕ್ರಮ ಕೈಗೊಳ್ಳಲಾಗುವುದು ಎಂದು ಪಕ್ಷದ ಮೂಲಗಳು ತಿಳಿಸಿವೆ. ಸದಸ್ಯರು ಅಧ್ಯಕ್ಷ ಮತ್ತು ಉಪಾಧ್ಯಕ್ಷ ಸ್ಥಾನಗಳಿಗಾಗಿ ಒತ್ತಡ ಹೇರುತ್ತಿದ್ದು, ಕೆಲವರು ಪಕ್ಷ ತೊರೆಯುವ ಬೆದರಿಕೆ ಹಾಕಿದ್ದಾರೆ. ಈ ಬಗ್ಗೆ ಜಿಲ್ಲಾ ಉಸ್ತುವಾರಿ ಸಚಿವರು ಸಭೆ ನಡೆಸಿ ಚರ್ಚಿಸಿದ್ದಾರೆ. ಪಕ್ಷದ ನಿರ್ಧಾರಕ್ಕೆ ಎಲ್ಲರೂ ಬದ್ಧರಾಗಿರಬೇಕು ಎಂದು ಸೂಚಿಸಲಾಗಿದೆ. ಮುಂಬರುವ ಚುನಾವಣೆಗಳ ದೃಷ್ಟಿಯಿಂದ ಒಗ್ಗಟ್ಟು ಕಾಪಾಡುವುದು ಮುಖ್ಯ ಎಂದು ನಾಯಕರು ಅಭಿಪ್ರಾಯಪಟ್ಟಿದ್ದಾರೆ. ಶಿಸ್ತು ಸಮಿತಿ ಶೀಘ್ರದಲ್ಲೇ ವರದಿ ನೀಡಲಿದೆ. ಕಾರ್ಯಕರ್ತರ ಅಭಿಪ್ರಾಯವನ್ನೂ ಪಡೆಯಲಾಗುವುದು. ಮೈಸೂರು ಜಿಲ್ಲೆಯ ವಿವಿಧ ಪಟ್ಟಣ ಪಂಚಾಯಿತಿ ಮತ್ತು ಪುರಸಭೆಗಳಲ್ಲಿ ಬಿಜೆಪಿ ಬಹುಮತ ಪಡೆದಿದ್ದು ಅಧಿಕಾರ ಹಂಚಿಕೆ ಕುರಿತು ಚರ್ಚೆ ನಡೆಯುತ್ತಿದೆ. ಹಿರಿಯ ನಾಯಕರು ಎಲ್ಲರನ್ನೂ ಸಮಾಧಾನಪಡಿಸುವ ಪ್ರಯತ್ನದಲ್ಲಿದ್ದಾರೆ.
ಸಚಿವರಿಗೆ ಪರೀಕ್ಷೆ ನಡೆಸಲು ಬರ್ತಾರಂತೆ ಅಮಿತ್ ಶಾ!
ಬೆಂಗಳೂರು, ಜ.1- ರಾಜ್ಯ ಸಚಿವ ಸಂಪುಟದ ಸದಸ್ಯರ ಕಾರ್ಯವೈಖರಿಯ ಬಗ್ಗೆ ಪರಿಶೀಲನೆ ನಡೆಸಲು ಕೇಂದ್ರ ಗೃಹ ಸಚಿವ ಅಮಿತ್ ಶಾ ಅವರು ಶೀಘ್ರದಲ್ಲೇ ರಾಜ್ಯಕ್ಕೆ ಭೇಟಿ ನೀಡಲಿದ್ದಾರೆ ಎಂದು ಮೂಲಗಳು ತಿಳಿಸಿವೆ. ಪ್ರತಿಯೊಬ್ಬ ಸಚಿವರ ಇಲಾಖೆಯ ಸಾಧನೆ, ಯೋಜನೆಗಳ ಅನುಷ್ಠಾನ ಮತ್ತು ಜನಪ್ರಿಯತೆಯ ಬಗ್ಗೆ ವರದಿ ಸಿದ್ಧಪಡಿಸಲಾಗುತ್ತಿದೆ. ಕಳಪೆ ಸಾಧನೆ ತೋರಿದ ಸಚಿವರನ್ನು ಸಂಪುಟದಿಂದ ಕೈಬಿಡುವ ಸಾಧ್ಯತೆ ಇದೆ ಎನ್ನಲಾಗಿದೆ. ಮುಂಬರುವ ವಿಧಾನಸಭಾ ಚುನಾವಣೆಯ ಹಿನ್ನೆಲೆಯಲ್ಲಿ ಪಕ್ಷವನ್ನು ಬಲಪಡಿಸುವುದು ಈ ಭೇಟಿಯ ಉದ್ದೇಶವಾಗಿದೆ. ಮುಖ್ಯಮಂತ್ರಿಗಳೊಂದಿಗೆ ಪ್ರತ್ಯೇಕ ಸಭೆ ನಡೆಸಲಿದ್ದಾರೆ. ಸಂಪುಟ ವಿಸ್ತರಣೆ ಮತ್ತು ಪುನಾರಚನೆ ಕುರಿತೂ ಚರ್ಚೆ ನಡೆಯುವ ನಿರೀಕ್ಷೆ ಇದೆ. ಸಚಿವಾಕಾಂಕ್ಷಿಗಳು ದೆಹಲಿಗೆ ತೆರಳಿ ವರಿಷ್ಠರನ್ನು ಭೇಟಿಯಾಗುತ್ತಿದ್ದಾರೆ. ಪಕ್ಷದ ರಾಜ್ಯಾಧ್ಯಕ್ಷರು ಎಲ್ಲಾ ಜಿಲ್ಲೆಗಳ ಕಾರ್ಯಕರ್ತರ ಸಭೆ ನಡೆಸುತ್ತಿದ್ದಾರೆ. ಕೇಂದ್ರ ನಾಯಕರ ಭೇಟಿಗೆ ಸಿದ್ಧತೆಗಳು ಭರದಿಂದ ಸಾಗಿವೆ.
Printed by T.S. Gopinath, Published by M. Govinde Gowda on behalf of Academy Newspapers Private Limited, 15-C Industrial 'A' Layout, Bannimantap, Mysore-570 015 and Printed at Academy Newspapers Private Limited, 15-C Industrial 'A' Layout, Bannimantap, Mysore-570 015 and Published at 15-C Industrial 'A' Layout, Bannimantap, Mysore-570 015, Editor: M. Govinde Gowda Ph: 2496520 / 2496521 / 2496526 / 2496527 / 2496528. Fax: 0821-2496525. CITY OFFICES: Visweswaraya Building, III Floor, K.R. CIRCLE, MYSORE-570 001, Ph: 2431774 and No. 114, D. DEVARAJ URS ROAD (Opposite Big Bus), MYSORE-570 001. Ph: 2428695. RNI Reg. No. 36581 / 1980 E-mail address: news@mysurumithra.com For advertisements: ad@mysurumithra.com, website: www.mysurumithra.com
